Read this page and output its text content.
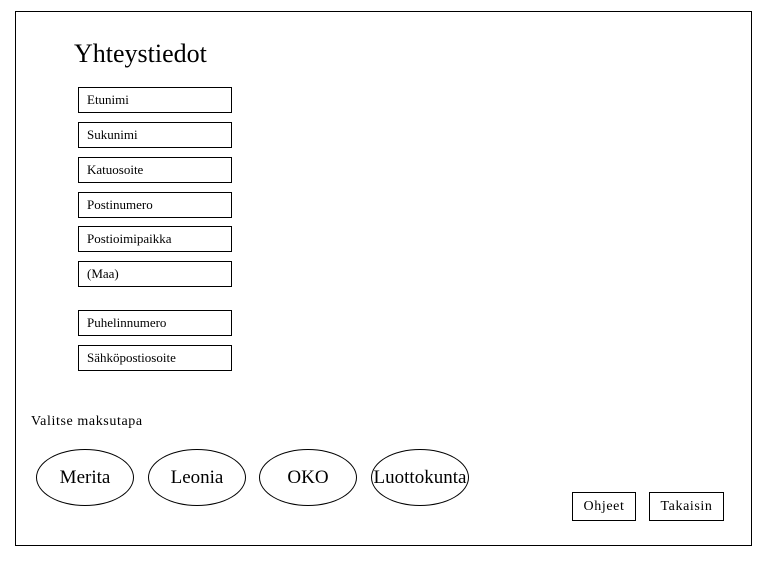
Yhteystiedot
Etunimi
Sukunimi
Katuosoite
Postinumero
Postioimipaikka
(Maa)
Puhelinnumero
Sähköpostiosoite
Valitse maksutapa
Merita	Leonia	OKO	Luottokunta
Ohjeet	Takaisin
